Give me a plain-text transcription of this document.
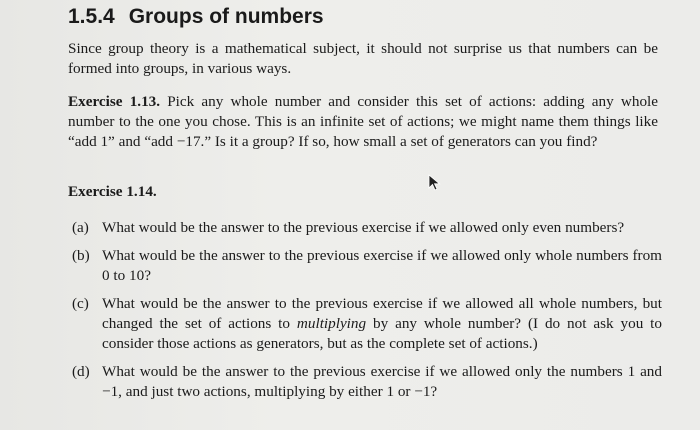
1.5.4 Groups of numbers
Since group theory is a mathematical subject, it should not surprise us that numbers can be formed into groups, in various ways.
Exercise 1.13. Pick any whole number and consider this set of actions: adding any whole number to the one you chose. This is an infinite set of actions; we might name them things like “add 1” and “add −17.” Is it a group? If so, how small a set of generators can you find?
Exercise 1.14.
(a) What would be the answer to the previous exercise if we allowed only even numbers?
(b) What would be the answer to the previous exercise if we allowed only whole numbers from 0 to 10?
(c) What would be the answer to the previous exercise if we allowed all whole numbers, but changed the set of actions to multiplying by any whole number? (I do not ask you to consider those actions as generators, but as the complete set of actions.)
(d) What would be the answer to the previous exercise if we allowed only the numbers 1 and −1, and just two actions, multiplying by either 1 or −1?
